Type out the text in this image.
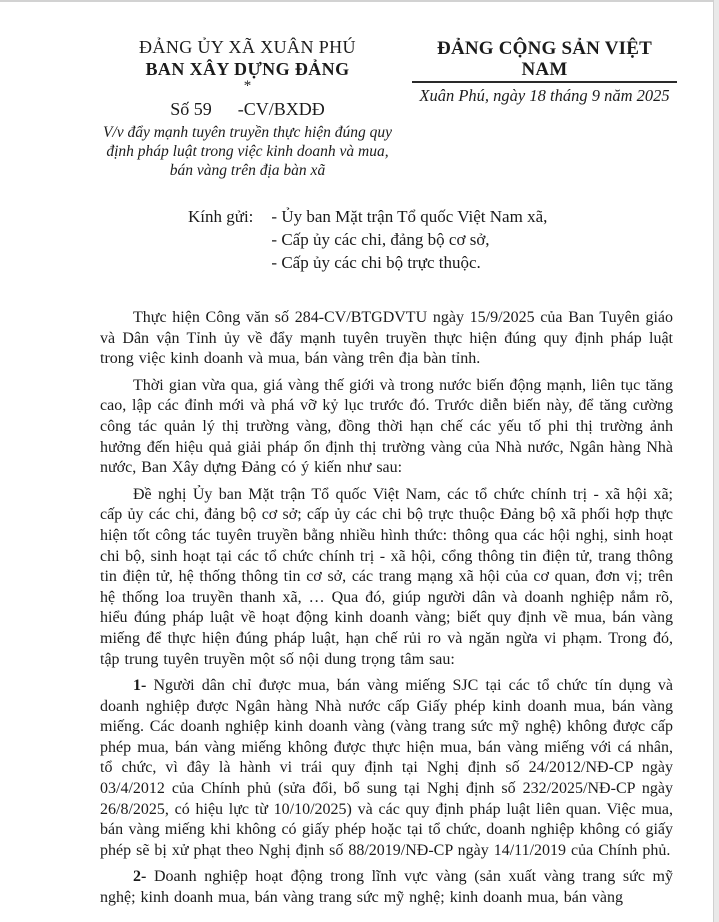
ĐẢNG ỦY XÃ XUÂN PHÚ
BAN XÂY DỰNG ĐẢNG
*
Số 59 -CV/BXDĐ
V/v đẩy mạnh tuyên truyền thực hiện đúng quy định pháp luật trong việc kinh doanh và mua, bán vàng trên địa bàn xã
ĐẢNG CỘNG SẢN VIỆT NAM
Xuân Phú, ngày 18 tháng 9 năm 2025
Kính gửi: - Ủy ban Mặt trận Tổ quốc Việt Nam xã,
- Cấp ủy các chi, đảng bộ cơ sở,
- Cấp ủy các chi bộ trực thuộc.

Thực hiện Công văn số 284-CV/BTGDVTU ngày 15/9/2025 của Ban Tuyên giáo và Dân vận Tỉnh ủy về đẩy mạnh tuyên truyền thực hiện đúng quy định pháp luật trong việc kinh doanh và mua, bán vàng trên địa bàn tỉnh.

Thời gian vừa qua, giá vàng thế giới và trong nước biến động mạnh, liên tục tăng cao, lập các đỉnh mới và phá vỡ kỷ lục trước đó. Trước diễn biến này, để tăng cường công tác quản lý thị trường vàng, đồng thời hạn chế các yếu tố phi thị trường ảnh hưởng đến hiệu quả giải pháp ổn định thị trường vàng của Nhà nước, Ngân hàng Nhà nước, Ban Xây dựng Đảng có ý kiến như sau:

Đề nghị Ủy ban Mặt trận Tổ quốc Việt Nam, các tổ chức chính trị - xã hội xã; cấp ủy các chi, đảng bộ cơ sở; cấp ủy các chi bộ trực thuộc Đảng bộ xã phối hợp thực hiện tốt công tác tuyên truyền bằng nhiều hình thức: thông qua các hội nghị, sinh hoạt chi bộ, sinh hoạt tại các tổ chức chính trị - xã hội, cổng thông tin điện tử, trang thông tin điện tử, hệ thống thông tin cơ sở, các trang mạng xã hội của cơ quan, đơn vị; trên hệ thống loa truyền thanh xã, … Qua đó, giúp người dân và doanh nghiệp nắm rõ, hiểu đúng pháp luật về hoạt động kinh doanh vàng; biết quy định về mua, bán vàng miếng để thực hiện đúng pháp luật, hạn chế rủi ro và ngăn ngừa vi phạm. Trong đó, tập trung tuyên truyền một số nội dung trọng tâm sau:

1- Người dân chỉ được mua, bán vàng miếng SJC tại các tổ chức tín dụng và doanh nghiệp được Ngân hàng Nhà nước cấp Giấy phép kinh doanh mua, bán vàng miếng. Các doanh nghiệp kinh doanh vàng (vàng trang sức mỹ nghệ) không được cấp phép mua, bán vàng miếng không được thực hiện mua, bán vàng miếng với cá nhân, tổ chức, vì đây là hành vi trái quy định tại Nghị định số 24/2012/NĐ-CP ngày 03/4/2012 của Chính phủ (sửa đổi, bổ sung tại Nghị định số 232/2025/NĐ-CP ngày 26/8/2025, có hiệu lực từ 10/10/2025) và các quy định pháp luật liên quan. Việc mua, bán vàng miếng khi không có giấy phép hoặc tại tổ chức, doanh nghiệp không có giấy phép sẽ bị xử phạt theo Nghị định số 88/2019/NĐ-CP ngày 14/11/2019 của Chính phủ.

2- Doanh nghiệp hoạt động trong lĩnh vực vàng (sản xuất vàng trang sức mỹ nghệ; kinh doanh mua, bán vàng trang sức mỹ nghệ; kinh doanh mua, bán vàng
